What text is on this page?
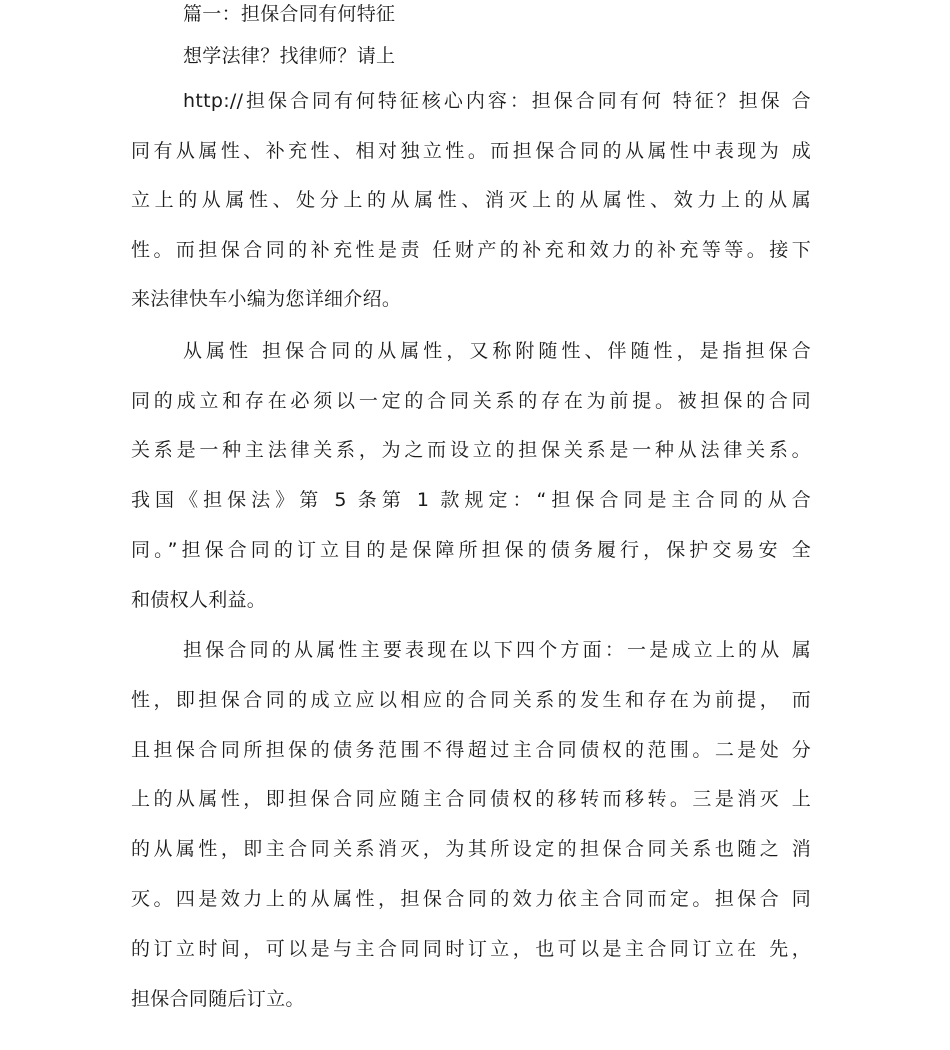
篇一：担保合同有何特征
想学法律？找律师？请上
http://担保合同有何特征核心内容：担保合同有何 特征？担保 合
同有从属性、补充性、相对独立性。而担保合同的从属性中表现为 成
立上的从属性、处分上的从属性、消灭上的从属性、效力上的从属
性。而担保合同的补充性是责 任财产的补充和效力的补充等等。接下
来法律快车小编为您详细介绍。
从属性 担保合同的从属性，又称附随性、伴随性，是指担保合
同的成立和存在必须以一定的合同关系的存在为前提。被担保的合同
关系是一种主法律关系，为之而设立的担保关系是一种从法律关系。
我国《担保法》第 5 条第 1 款规定：“担保合同是主合同的从合
同。”担保合同的订立目的是保障所担保的债务履行，保护交易安 全
和债权人利益。
担保合同的从属性主要表现在以下四个方面：一是成立上的从 属
性，即担保合同的成立应以相应的合同关系的发生和存在为前提， 而
且担保合同所担保的债务范围不得超过主合同债权的范围。二是处 分
上的从属性，即担保合同应随主合同债权的移转而移转。三是消灭 上
的从属性，即主合同关系消灭，为其所设定的担保合同关系也随之 消
灭。四是效力上的从属性，担保合同的效力依主合同而定。担保合 同
的订立时间，可以是与主合同同时订立，也可以是主合同订立在 先，
担保合同随后订立。
